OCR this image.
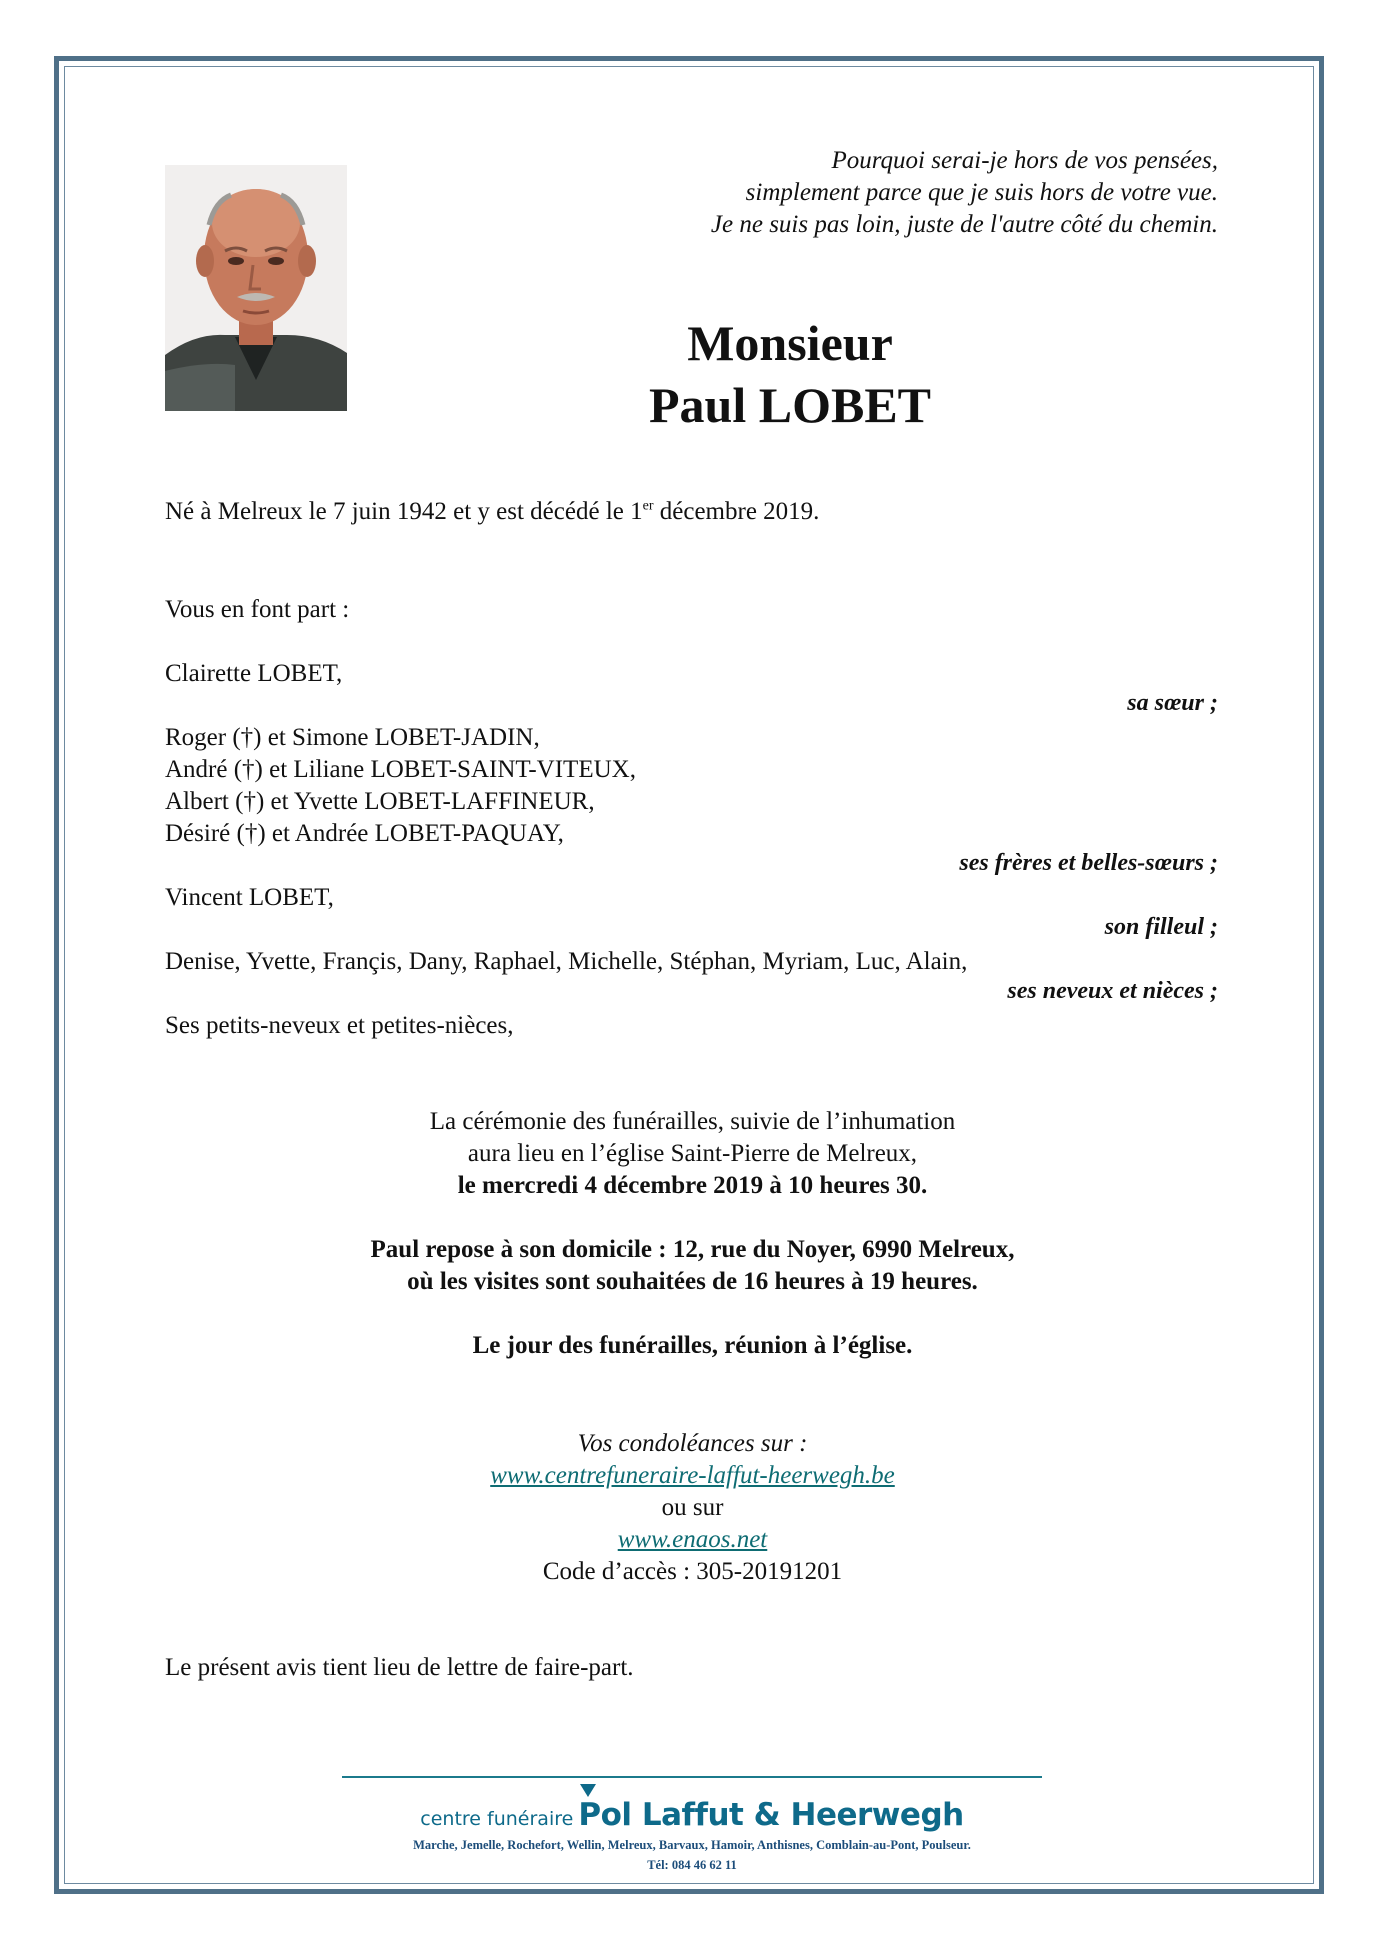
Pourquoi serai-je hors de vos pensées,
simplement parce que je suis hors de votre vue.
Je ne suis pas loin, juste de l'autre côté du chemin.
Monsieur
Paul LOBET
Né à Melreux le 7 juin 1942 et y est décédé le 1er décembre 2019.
Vous en font part :
Clairette LOBET,
sa sœur ;
Roger (†) et Simone LOBET-JADIN,
André (†) et Liliane LOBET-SAINT-VITEUX,
Albert (†) et Yvette LOBET-LAFFINEUR,
Désiré (†) et Andrée LOBET-PAQUAY,
ses frères et belles-sœurs ;
Vincent LOBET,
son filleul ;
Denise, Yvette, Françis, Dany, Raphael, Michelle, Stéphan, Myriam, Luc, Alain,
ses neveux et nièces ;
Ses petits-neveux et petites-nièces,
La cérémonie des funérailles, suivie de l’inhumation
aura lieu en l’église Saint-Pierre de Melreux,
le mercredi 4 décembre 2019 à 10 heures 30.
Paul repose à son domicile : 12, rue du Noyer, 6990 Melreux,
où les visites sont souhaitées de 16 heures à 19 heures.
Le jour des funérailles, réunion à l’église.
Vos condoléances sur :
www.centrefuneraire-laffut-heerwegh.be
ou sur
www.enaos.net
Code d’accès : 305-20191201
Le présent avis tient lieu de lettre de faire-part.
centre funéraire Pol Laffut & Heerwegh
Marche, Jemelle, Rochefort, Wellin, Melreux, Barvaux, Hamoir, Anthisnes, Comblain-au-Pont, Poulseur.
Tél: 084 46 62 11
